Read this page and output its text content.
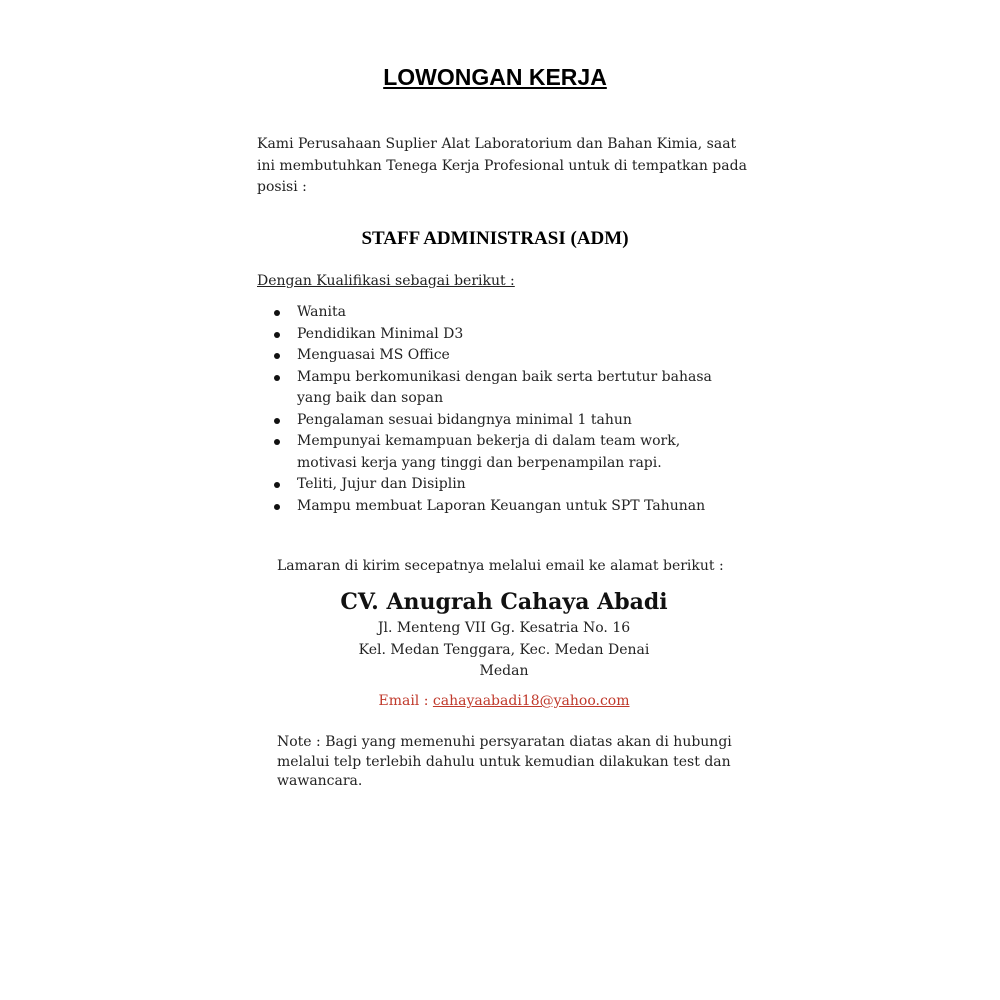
LOWONGAN KERJA
Kami Perusahaan Suplier Alat Laboratorium dan Bahan Kimia, saat ini membutuhkan Tenega Kerja Profesional untuk di tempatkan pada posisi :
STAFF ADMINISTRASI (ADM)
Dengan Kualifikasi sebagai berikut :
Wanita
Pendidikan Minimal D3
Menguasai MS Office
Mampu berkomunikasi dengan baik serta bertutur bahasa yang baik dan sopan
Pengalaman sesuai bidangnya minimal 1 tahun
Mempunyai kemampuan bekerja di dalam team work, motivasi kerja yang tinggi dan berpenampilan rapi.
Teliti, Jujur dan Disiplin
Mampu membuat Laporan Keuangan untuk SPT Tahunan
Lamaran di kirim secepatnya melalui email ke alamat berikut :
CV. Anugrah Cahaya Abadi
Jl. Menteng VII Gg. Kesatria No. 16
Kel. Medan Tenggara, Kec. Medan Denai
Medan
Email : cahayaabadi18@yahoo.com
Note : Bagi yang memenuhi persyaratan diatas akan di hubungi melalui telp terlebih dahulu untuk kemudian dilakukan test dan wawancara.
